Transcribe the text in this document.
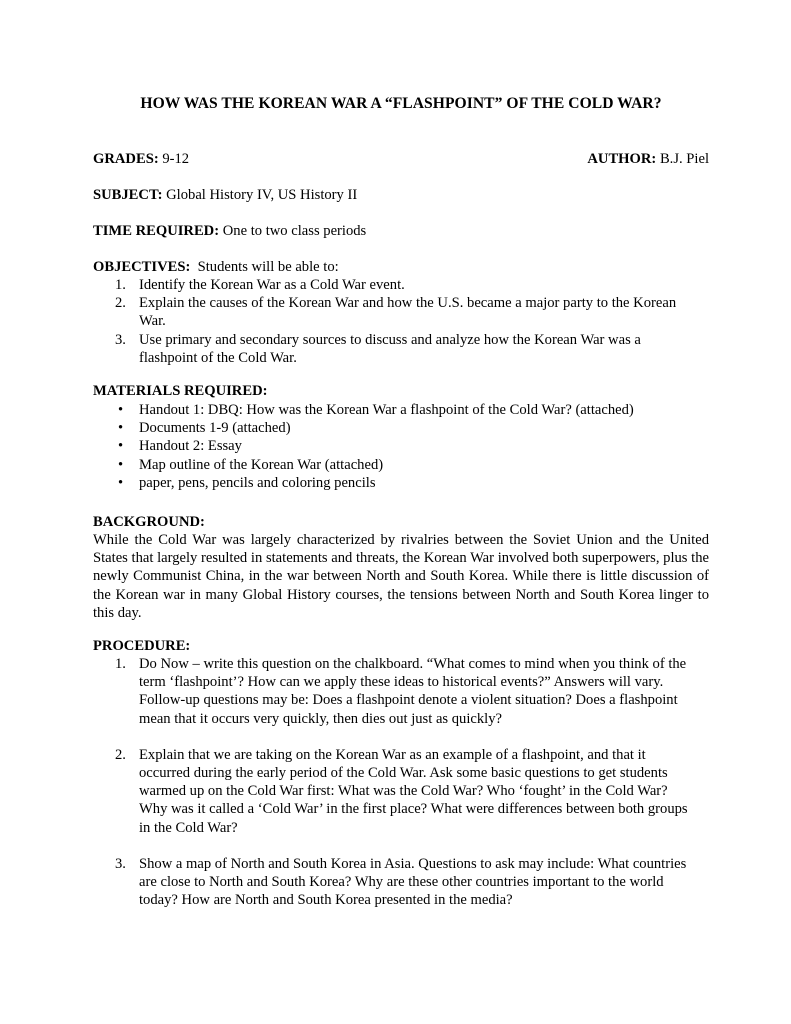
HOW WAS THE KOREAN WAR A “FLASHPOINT” OF THE COLD WAR?
GRADES: 9-12	AUTHOR: B.J. Piel
SUBJECT: Global History IV, US History II
TIME REQUIRED: One to two class periods
OBJECTIVES: Students will be able to:
1. Identify the Korean War as a Cold War event.
2. Explain the causes of the Korean War and how the U.S. became a major party to the Korean War.
3. Use primary and secondary sources to discuss and analyze how the Korean War was a flashpoint of the Cold War.
MATERIALS REQUIRED:
• Handout 1: DBQ: How was the Korean War a flashpoint of the Cold War? (attached)
• Documents 1-9 (attached)
• Handout 2: Essay
• Map outline of the Korean War (attached)
• paper, pens, pencils and coloring pencils
BACKGROUND:
While the Cold War was largely characterized by rivalries between the Soviet Union and the United States that largely resulted in statements and threats, the Korean War involved both superpowers, plus the newly Communist China, in the war between North and South Korea. While there is little discussion of the Korean war in many Global History courses, the tensions between North and South Korea linger to this day.
PROCEDURE:
1. Do Now – write this question on the chalkboard. “What comes to mind when you think of the term ‘flashpoint’? How can we apply these ideas to historical events?” Answers will vary. Follow-up questions may be: Does a flashpoint denote a violent situation? Does a flashpoint mean that it occurs very quickly, then dies out just as quickly?
2. Explain that we are taking on the Korean War as an example of a flashpoint, and that it occurred during the early period of the Cold War. Ask some basic questions to get students warmed up on the Cold War first: What was the Cold War? Who ‘fought’ in the Cold War? Why was it called a ‘Cold War’ in the first place? What were differences between both groups in the Cold War?
3. Show a map of North and South Korea in Asia. Questions to ask may include: What countries are close to North and South Korea? Why are these other countries important to the world today? How are North and South Korea presented in the media?
